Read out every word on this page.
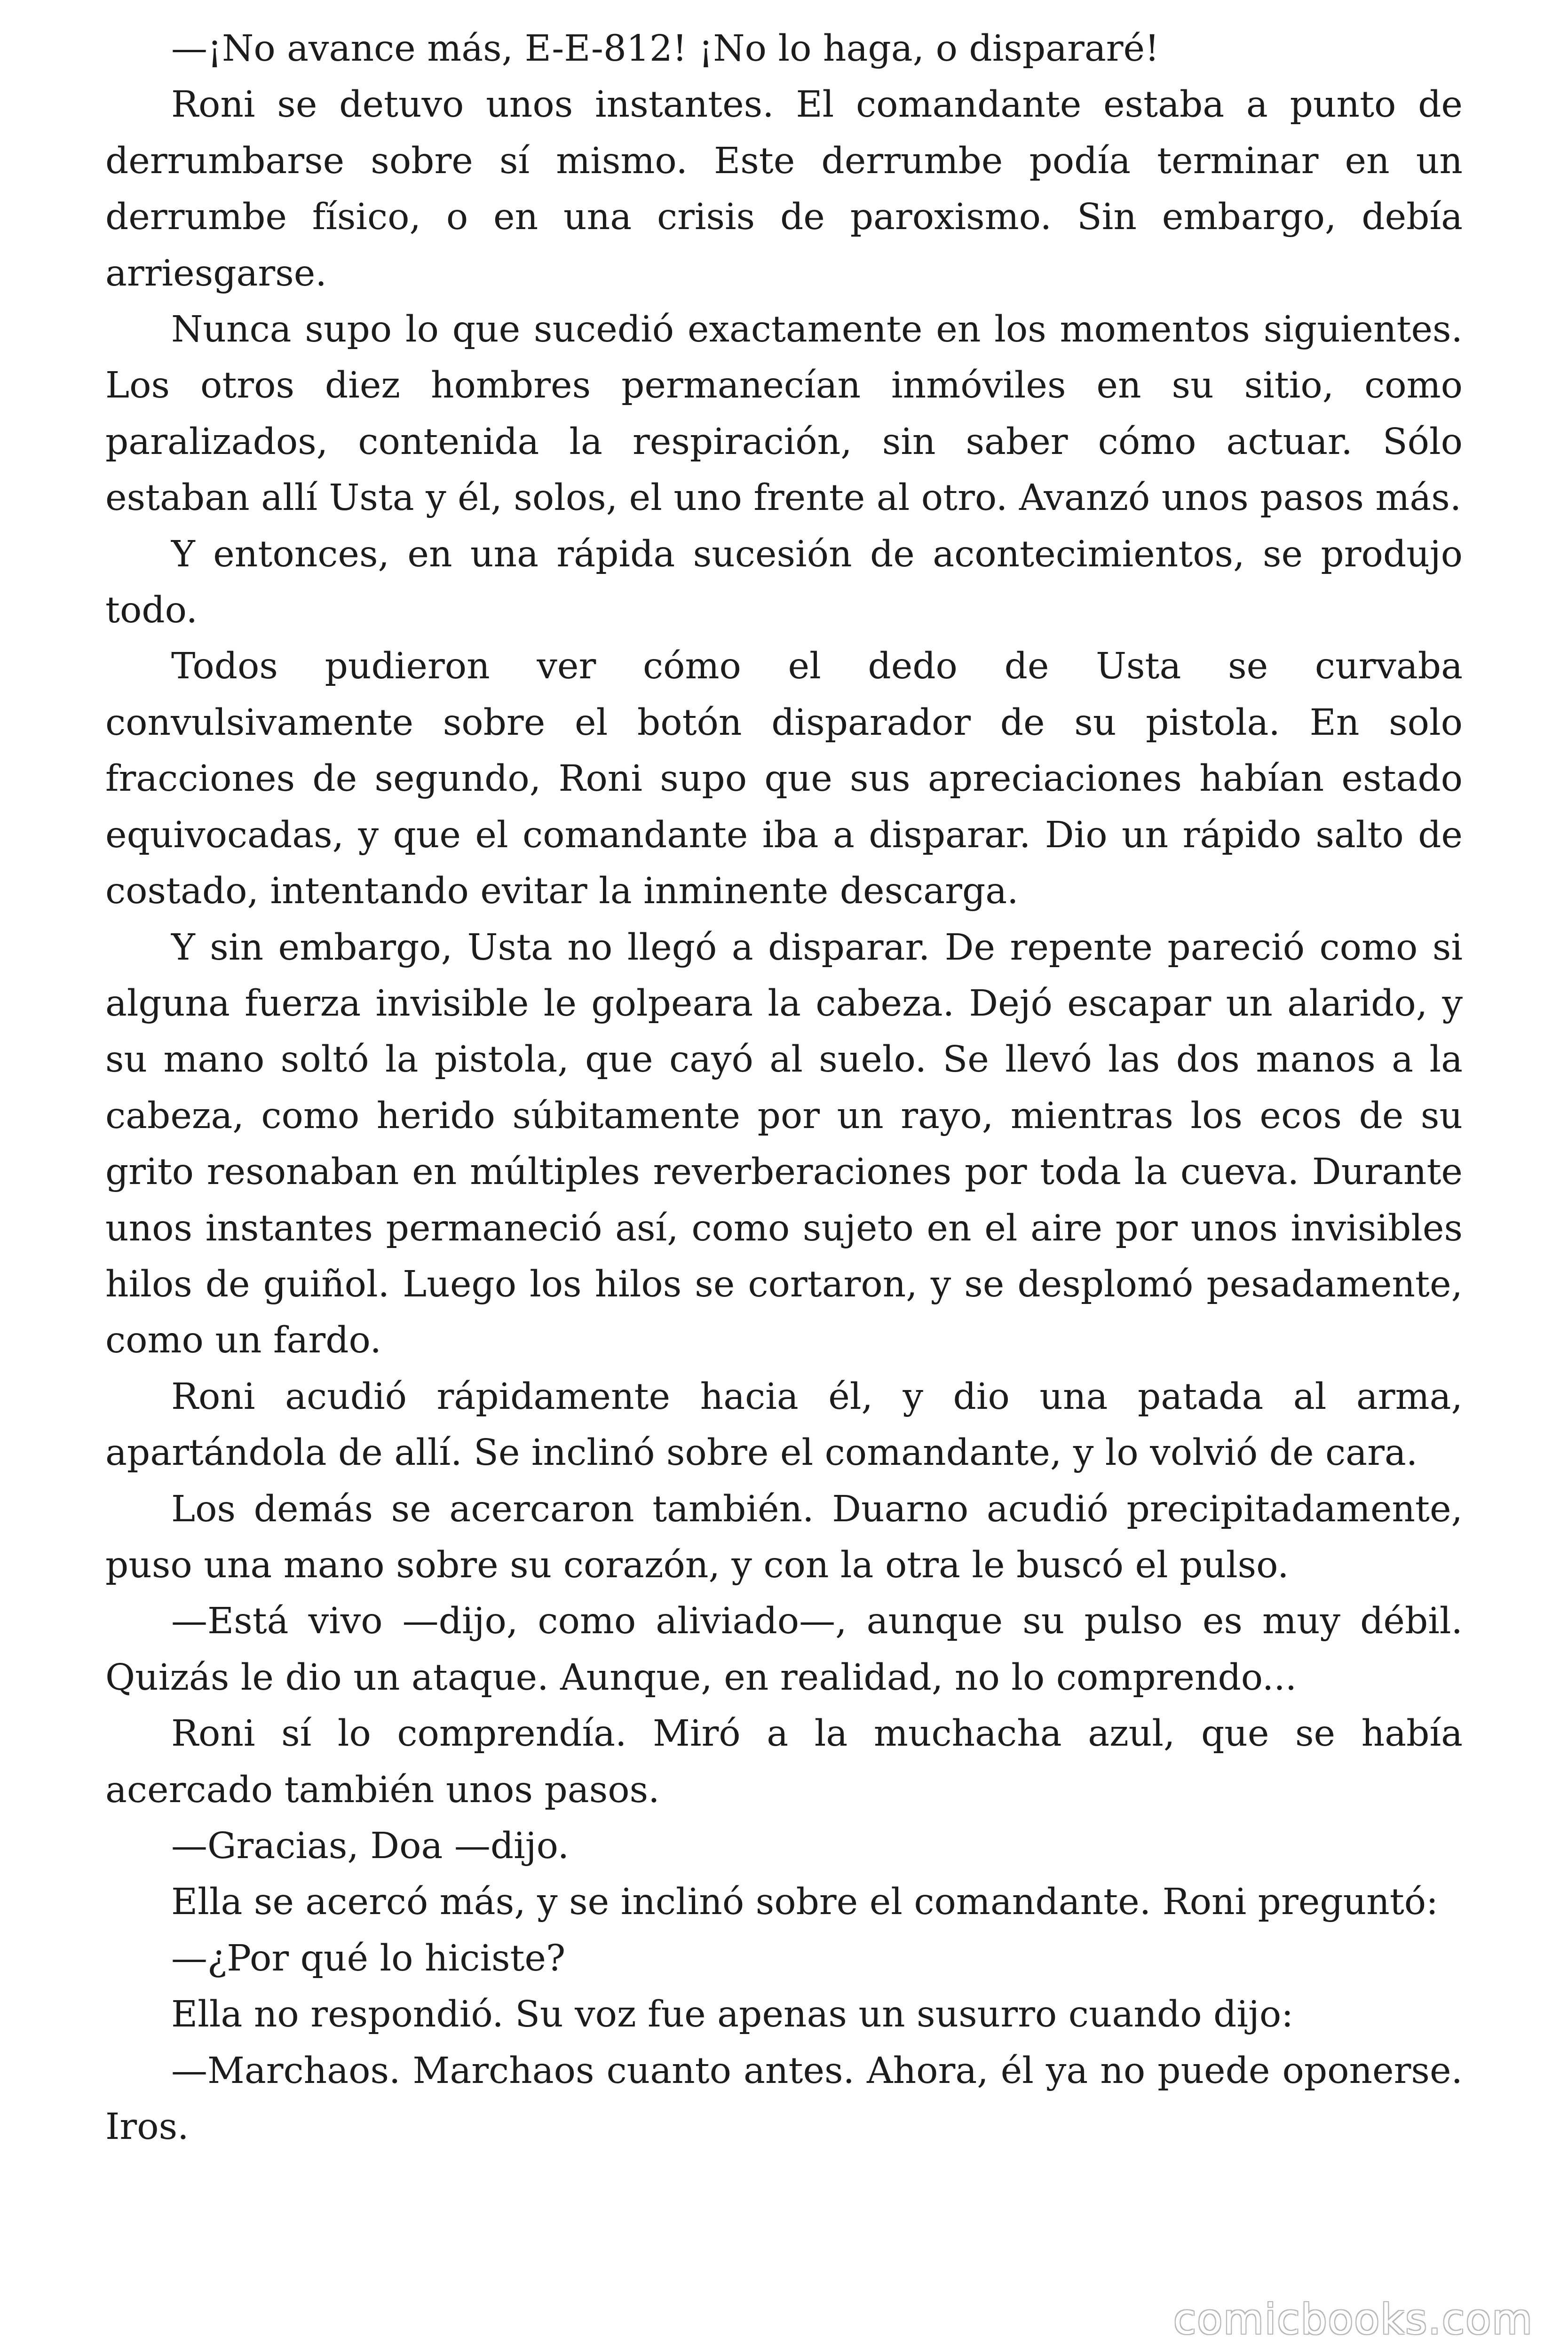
—¡No avance más, E-E-812! ¡No lo haga, o dispararé!

Roni se detuvo unos instantes. El comandante estaba a punto de derrumbarse sobre sí mismo. Este derrumbe podía terminar en un derrumbe físico, o en una crisis de paroxismo. Sin embargo, debía arriesgarse.

Nunca supo lo que sucedió exactamente en los momentos siguientes. Los otros diez hombres permanecían inmóviles en su sitio, como paralizados, contenida la respiración, sin saber cómo actuar. Sólo estaban allí Usta y él, solos, el uno frente al otro. Avanzó unos pasos más.

Y entonces, en una rápida sucesión de acontecimientos, se produjo todo.

Todos pudieron ver cómo el dedo de Usta se curvaba convulsivamente sobre el botón disparador de su pistola. En solo fracciones de segundo, Roni supo que sus apreciaciones habían estado equivocadas, y que el comandante iba a disparar. Dio un rápido salto de costado, intentando evitar la inminente descarga.

Y sin embargo, Usta no llegó a disparar. De repente pareció como si alguna fuerza invisible le golpeara la cabeza. Dejó escapar un alarido, y su mano soltó la pistola, que cayó al suelo. Se llevó las dos manos a la cabeza, como herido súbitamente por un rayo, mientras los ecos de su grito resonaban en múltiples reverberaciones por toda la cueva. Durante unos instantes permaneció así, como sujeto en el aire por unos invisibles hilos de guiñol. Luego los hilos se cortaron, y se desplomó pesadamente, como un fardo.

Roni acudió rápidamente hacia él, y dio una patada al arma, apartándola de allí. Se inclinó sobre el comandante, y lo volvió de cara.

Los demás se acercaron también. Duarno acudió precipitadamente, puso una mano sobre su corazón, y con la otra le buscó el pulso.

—Está vivo —dijo, como aliviado—, aunque su pulso es muy débil. Quizás le dio un ataque. Aunque, en realidad, no lo comprendo...

Roni sí lo comprendía. Miró a la muchacha azul, que se había acercado también unos pasos.

—Gracias, Doa —dijo.

Ella se acercó más, y se inclinó sobre el comandante. Roni preguntó:

—¿Por qué lo hiciste?

Ella no respondió. Su voz fue apenas un susurro cuando dijo:

—Marchaos. Marchaos cuanto antes. Ahora, él ya no puede oponerse. Iros.

comicbooks.com
